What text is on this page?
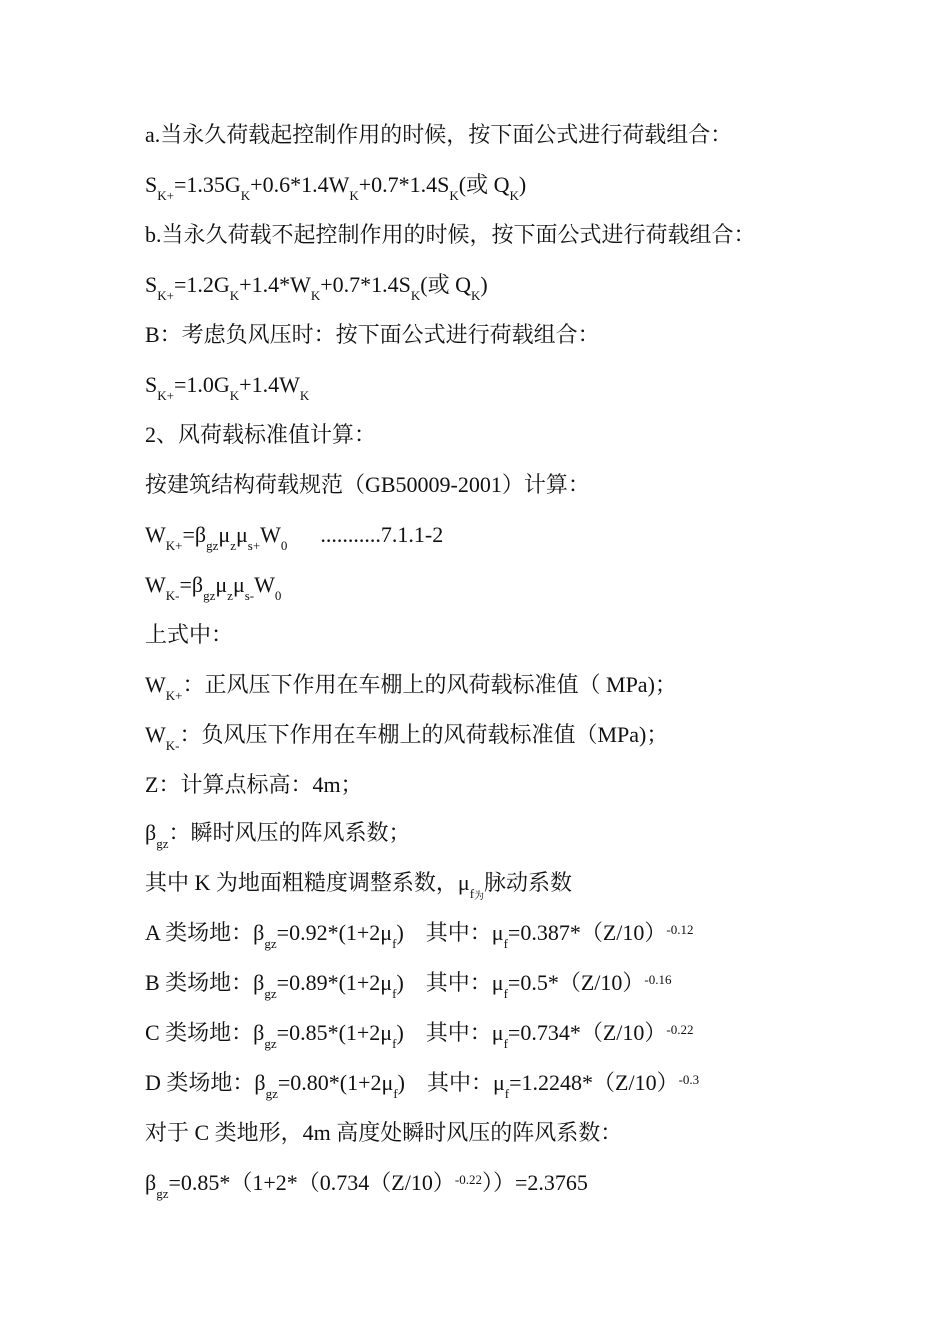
a.当永久荷载起控制作用的时候，按下面公式进行荷载组合：
$S_{K+}=1.35G_K+0.6*1.4W_K+0.7*1.4S_K$(或 $Q_K$)
b.当永久荷载不起控制作用的时候，按下面公式进行荷载组合：
$S_{K+}=1.2G_K+1.4*W_K+0.7*1.4S_K$(或 $Q_K$)
B：考虑负风压时：按下面公式进行荷载组合：
$S_{K+}=1.0G_K+1.4W_K$
2、风荷载标准值计算：
按建筑结构荷载规范（GB50009-2001）计算：
$W_{K+}=\beta_{gz}\mu_z\mu_{s+}W_0$      ...........7.1.1-2
$W_{K-}=\beta_{gz}\mu_z\mu_{s-}W_0$
上式中：
$W_{K+}$：正风压下作用在车棚上的风荷载标准值（ MPa)；
$W_{K-}$：负风压下作用在车棚上的风荷载标准值（MPa)；
Z：计算点标高：4m；
$\beta_{gz}$：瞬时风压的阵风系数；
其中 K 为地面粗糙度调整系数，$\mu_{f为}$脉动系数
A 类场地：$\beta_{gz}=0.92*(1+2\mu_f)$    其中：$\mu_f=0.387*(Z/10)^{-0.12}$
B 类场地：$\beta_{gz}=0.89*(1+2\mu_f)$    其中：$\mu_f=0.5*(Z/10)^{-0.16}$
C 类场地：$\beta_{gz}=0.85*(1+2\mu_f)$    其中：$\mu_f=0.734*(Z/10)^{-0.22}$
D 类场地：$\beta_{gz}=0.80*(1+2\mu_f)$    其中：$\mu_f=1.2248*(Z/10)^{-0.3}$
对于 C 类地形，4m 高度处瞬时风压的阵风系数：
$\beta_{gz}=0.85*(1+2*(0.734(Z/10)^{-0.22}))=2.3765$
